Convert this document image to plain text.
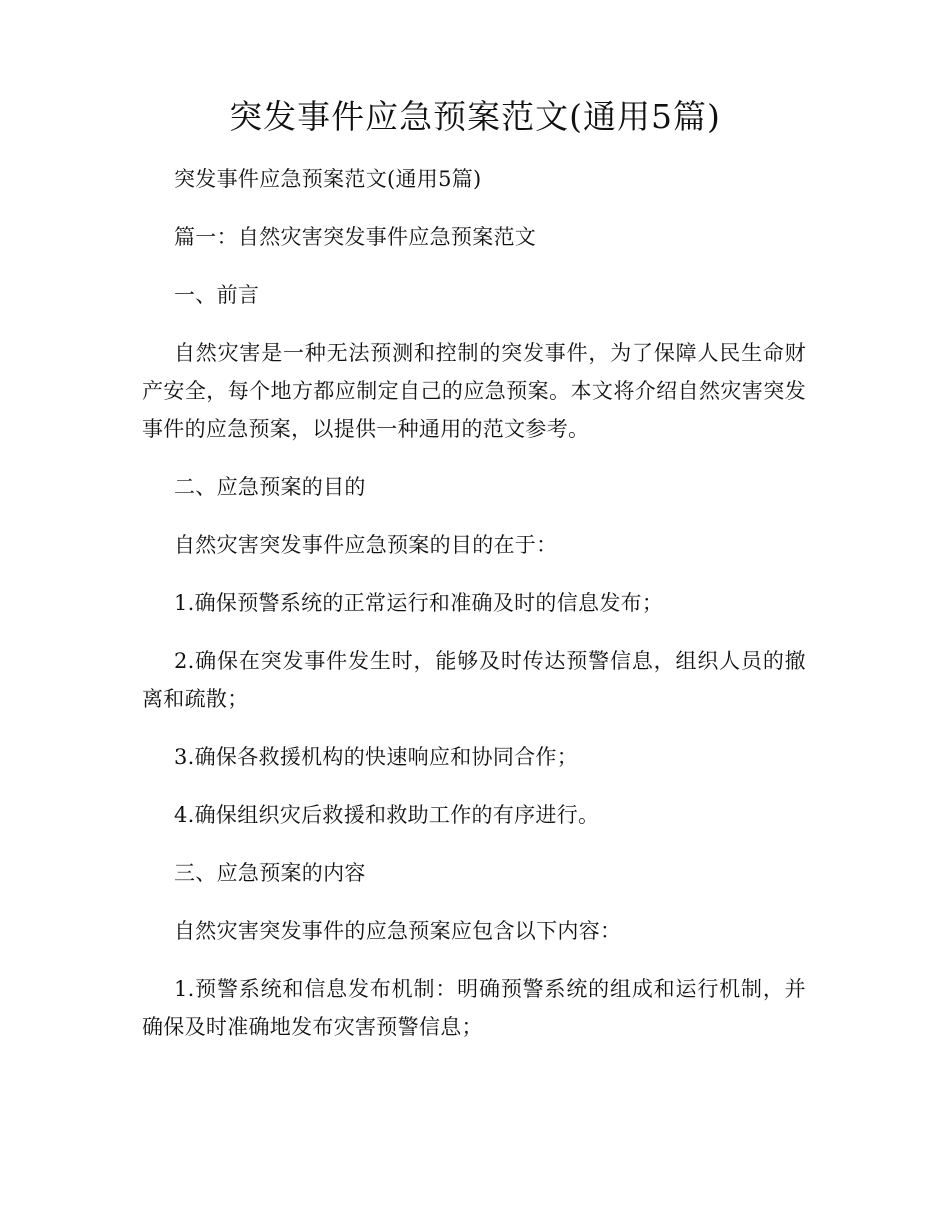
突发事件应急预案范文(通用5篇)

突发事件应急预案范文(通用5篇)

篇一：自然灾害突发事件应急预案范文

一、前言

自然灾害是一种无法预测和控制的突发事件，为了保障人民生命财产安全，每个地方都应制定自己的应急预案。本文将介绍自然灾害突发事件的应急预案，以提供一种通用的范文参考。

二、应急预案的目的

自然灾害突发事件应急预案的目的在于：

1.确保预警系统的正常运行和准确及时的信息发布；

2.确保在突发事件发生时，能够及时传达预警信息，组织人员的撤离和疏散；

3.确保各救援机构的快速响应和协同合作；

4.确保组织灾后救援和救助工作的有序进行。

三、应急预案的内容

自然灾害突发事件的应急预案应包含以下内容：

1.预警系统和信息发布机制：明确预警系统的组成和运行机制，并确保及时准确地发布灾害预警信息；
